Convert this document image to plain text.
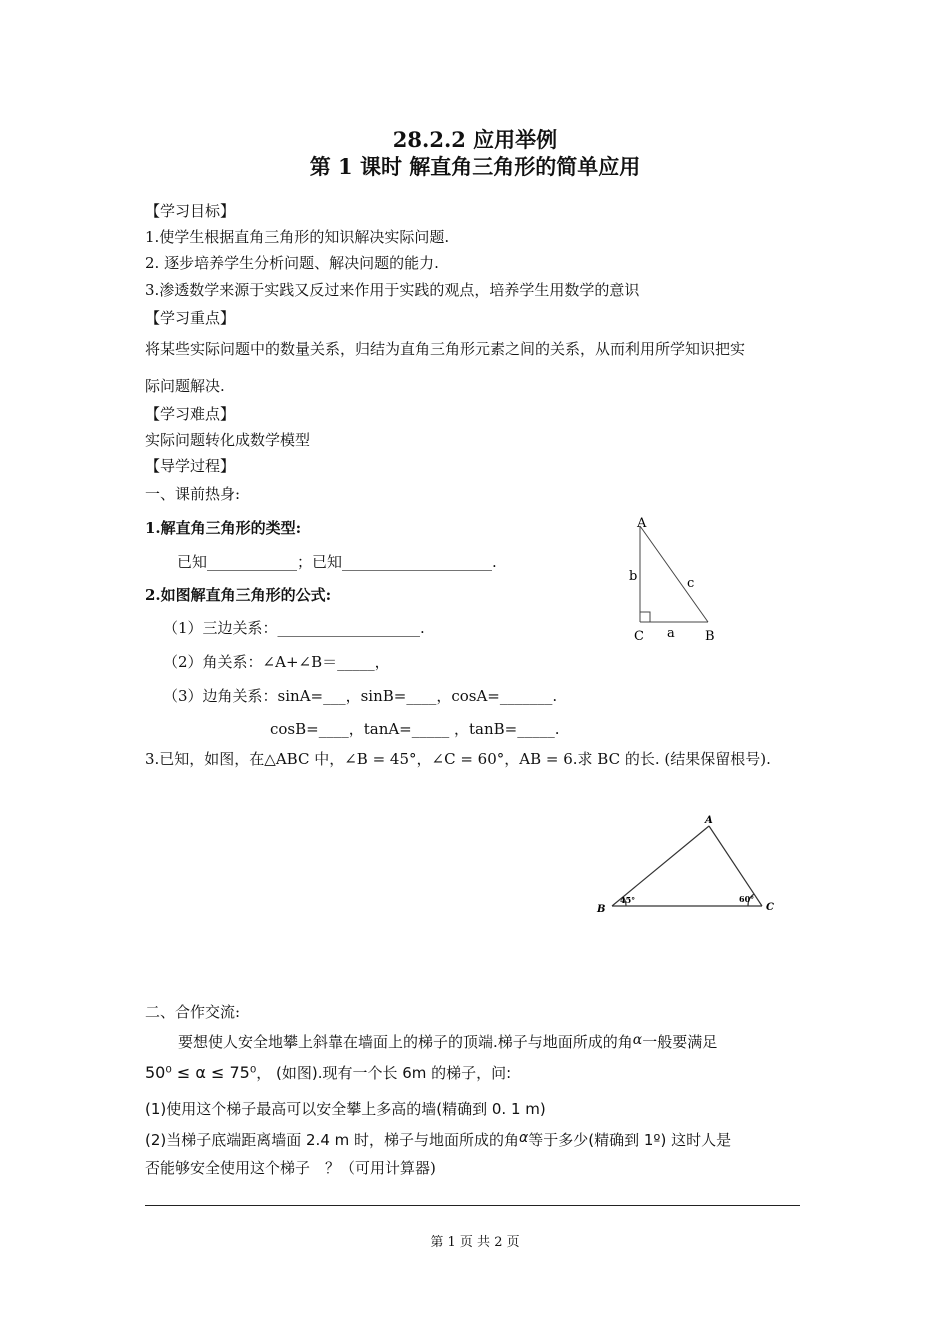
28.2.2 应用举例
第 1 课时 解直角三角形的简单应用
【学习目标】
1.使学生根据直角三角形的知识解决实际问题.
2. 逐步培养学生分析问题、解决问题的能力.
3.渗透数学来源于实践又反过来作用于实践的观点，培养学生用数学的意识
【学习重点】
将某些实际问题中的数量关系，归结为直角三角形元素之间的关系，从而利用所学知识把实
际问题解决.
【学习难点】
实际问题转化成数学模型
【导学过程】
一、课前热身:
1.解直角三角形的类型:
已知____________；已知____________________.
2.如图解直角三角形的公式:
（1）三边关系：___________________.
（2）角关系：∠A+∠B＝_____，
（3）边角关系：sinA=___，sinB=____，cosA=_______.
cosB=____，tanA=_____ ，tanB=_____.
3.已知，如图，在△ABC 中，∠B = 45°，∠C = 60°，AB = 6.求 BC 的长. (结果保留根号).
A
b	c
C a B
A
B	C
45°	60°
二、合作交流:
要想使人安全地攀上斜靠在墙面上的梯子的顶端.梯子与地面所成的角α一般要满足
50⁰ ≤ α ≤ 75⁰， (如图).现有一个长 6m 的梯子，问:
(1)使用这个梯子最高可以安全攀上多高的墙(精确到 0. 1 m)
(2)当梯子底端距离墙面 2.4 m 时，梯子与地面所成的角α等于多少(精确到 1º) 这时人是
否能够安全使用这个梯子　？（可用计算器)
第 1 页 共 2 页
